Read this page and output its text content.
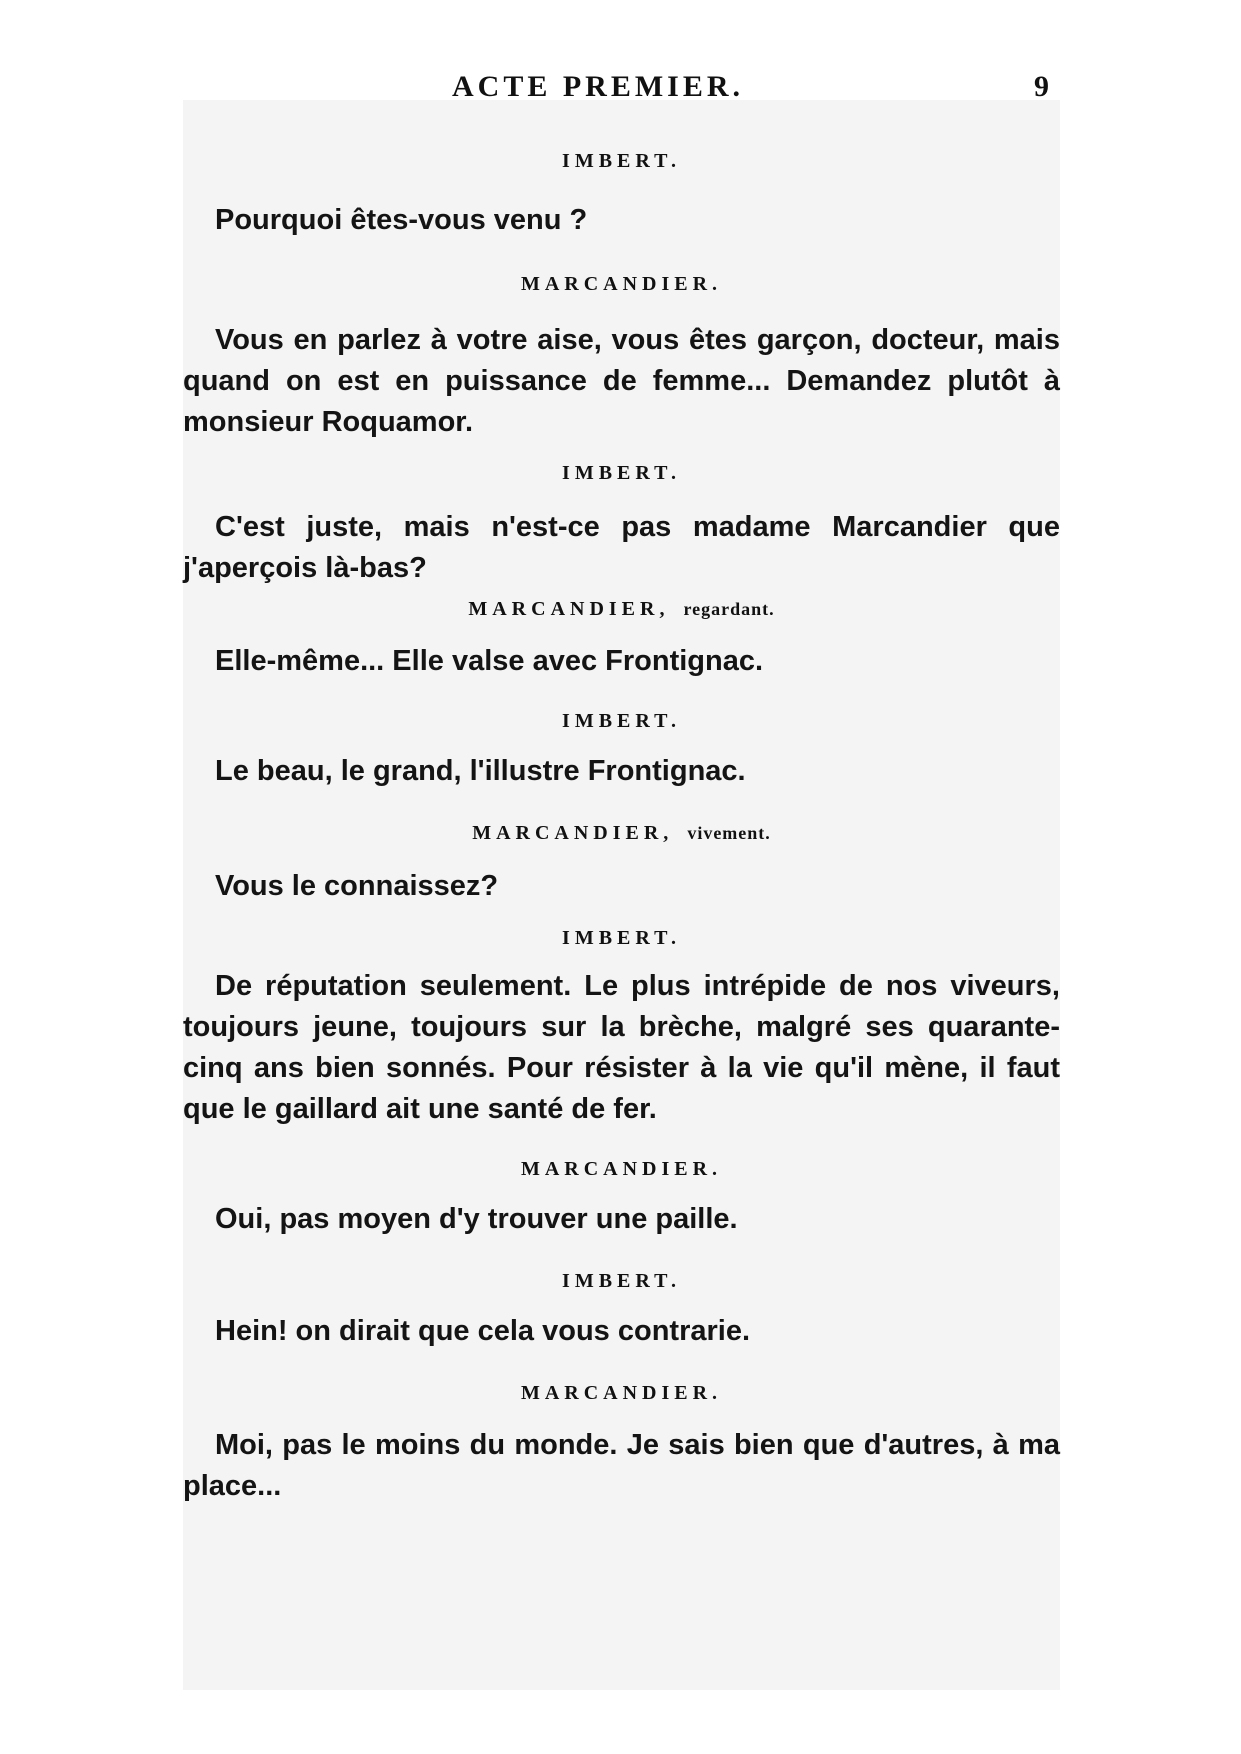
ACTE PREMIER.	9
IMBERT.
Pourquoi êtes-vous venu ?
MARCANDIER.
Vous en parlez à votre aise, vous êtes garçon, docteur, mais quand on est en puissance de femme... Demandez plutôt à monsieur Roquamor.
IMBERT.
C'est juste, mais n'est-ce pas madame Marcandier que j'aperçois là-bas?
MARCANDIER, regardant.
Elle-même... Elle valse avec Frontignac.
IMBERT.
Le beau, le grand, l'illustre Frontignac.
MARCANDIER, vivement.
Vous le connaissez?
IMBERT.
De réputation seulement. Le plus intrépide de nos viveurs, toujours jeune, toujours sur la brèche, malgré ses quarante-cinq ans bien sonnés. Pour résister à la vie qu'il mène, il faut que le gaillard ait une santé de fer.
MARCANDIER.
Oui, pas moyen d'y trouver une paille.
IMBERT.
Hein! on dirait que cela vous contrarie.
MARCANDIER.
Moi, pas le moins du monde. Je sais bien que d'autres, à ma place...
